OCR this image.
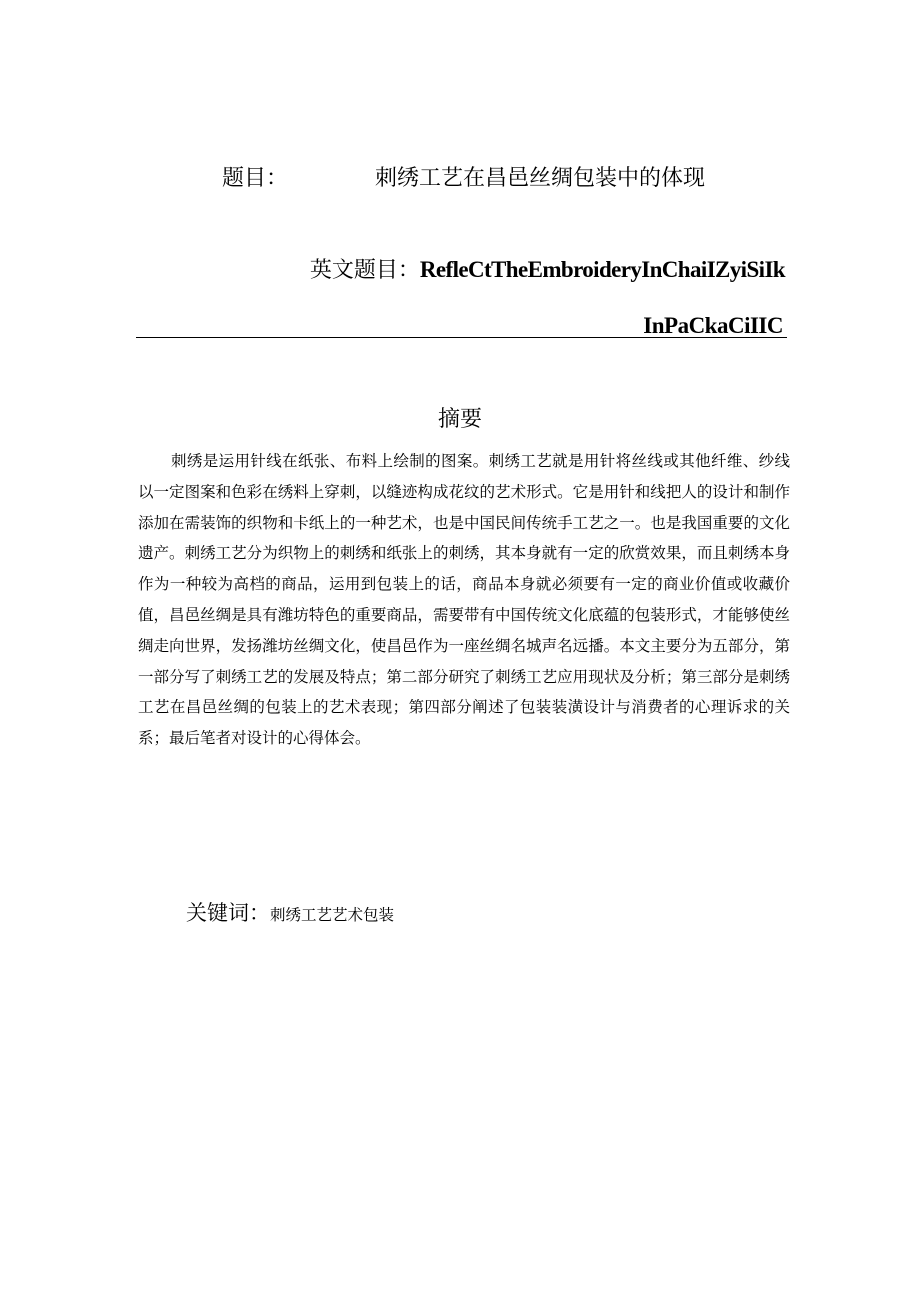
题目：	刺绣工艺在昌邑丝绸包装中的体现
英文题目：RefleCtTheEmbroideryInChaiIZyiSiIk
InPaCkaCiIIC
摘要

刺绣是运用针线在纸张、布料上绘制的图案。刺绣工艺就是用针将丝线或其他纤维、纱线以一定图案和色彩在绣料上穿刺，以缝迹构成花纹的艺术形式。它是用针和线把人的设计和制作添加在需装饰的织物和卡纸上的一种艺术，也是中国民间传统手工艺之一。也是我国重要的文化遗产。刺绣工艺分为织物上的刺绣和纸张上的刺绣，其本身就有一定的欣赏效果，而且刺绣本身作为一种较为高档的商品，运用到包装上的话，商品本身就必须要有一定的商业价值或收藏价值，昌邑丝绸是具有潍坊特色的重要商品，需要带有中国传统文化底蕴的包装形式，才能够使丝绸走向世界，发扬潍坊丝绸文化，使昌邑作为一座丝绸名城声名远播。本文主要分为五部分，第一部分写了刺绣工艺的发展及特点；第二部分研究了刺绣工艺应用现状及分析；第三部分是刺绣工艺在昌邑丝绸的包装上的艺术表现；第四部分阐述了包装装潢设计与消费者的心理诉求的关系；最后笔者对设计的心得体会。

关键词：刺绣工艺艺术包装
